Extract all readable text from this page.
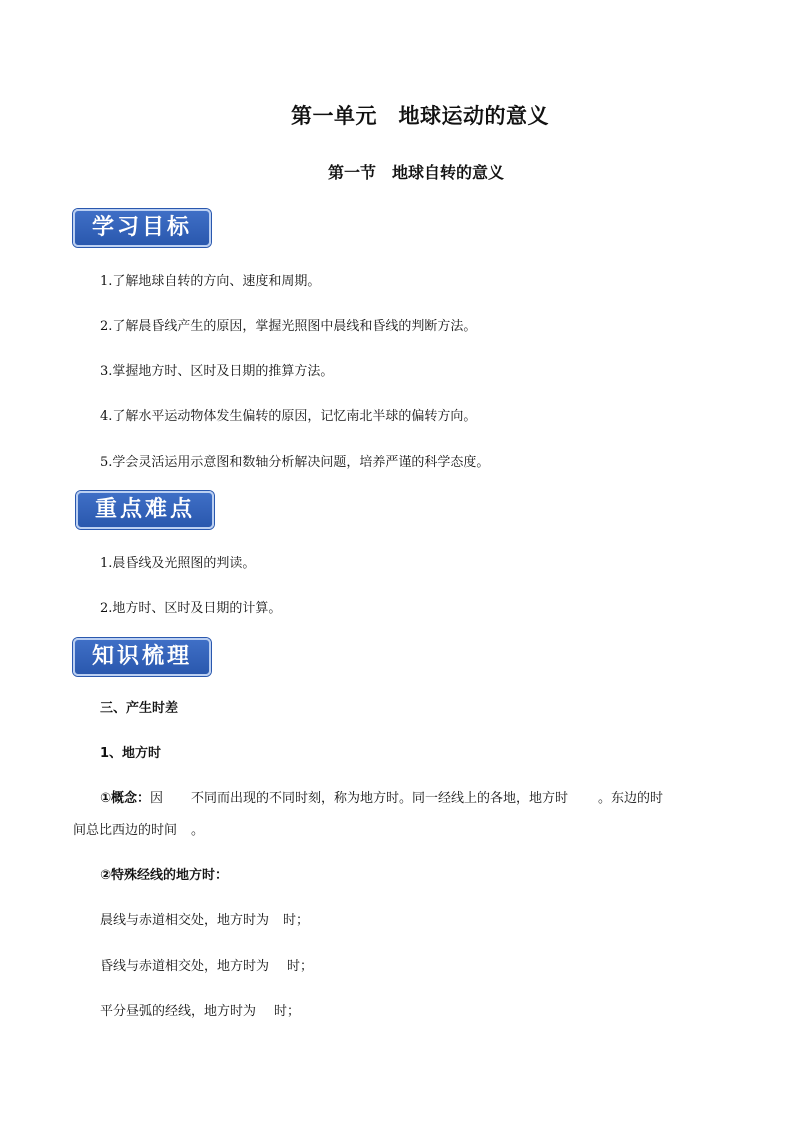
第一单元　地球运动的意义
第一节　地球自转的意义
学习目标
1.了解地球自转的方向、速度和周期。
2.了解晨昏线产生的原因，掌握光照图中晨线和昏线的判断方法。
3.掌握地方时、区时及日期的推算方法。
4.了解水平运动物体发生偏转的原因，记忆南北半球的偏转方向。
5.学会灵活运用示意图和数轴分析解决问题，培养严谨的科学态度。
重点难点
1.晨昏线及光照图的判读。
2.地方时、区时及日期的计算。
知识梳理
三、产生时差
1、地方时
①概念：因 不同而出现的不同时刻，称为地方时。同一经线上的各地，地方时 。东边的时
间总比西边的时间 。
②特殊经线的地方时：
晨线与赤道相交处，地方时为 时；
昏线与赤道相交处，地方时为 时；
平分昼弧的经线，地方时为 时；
